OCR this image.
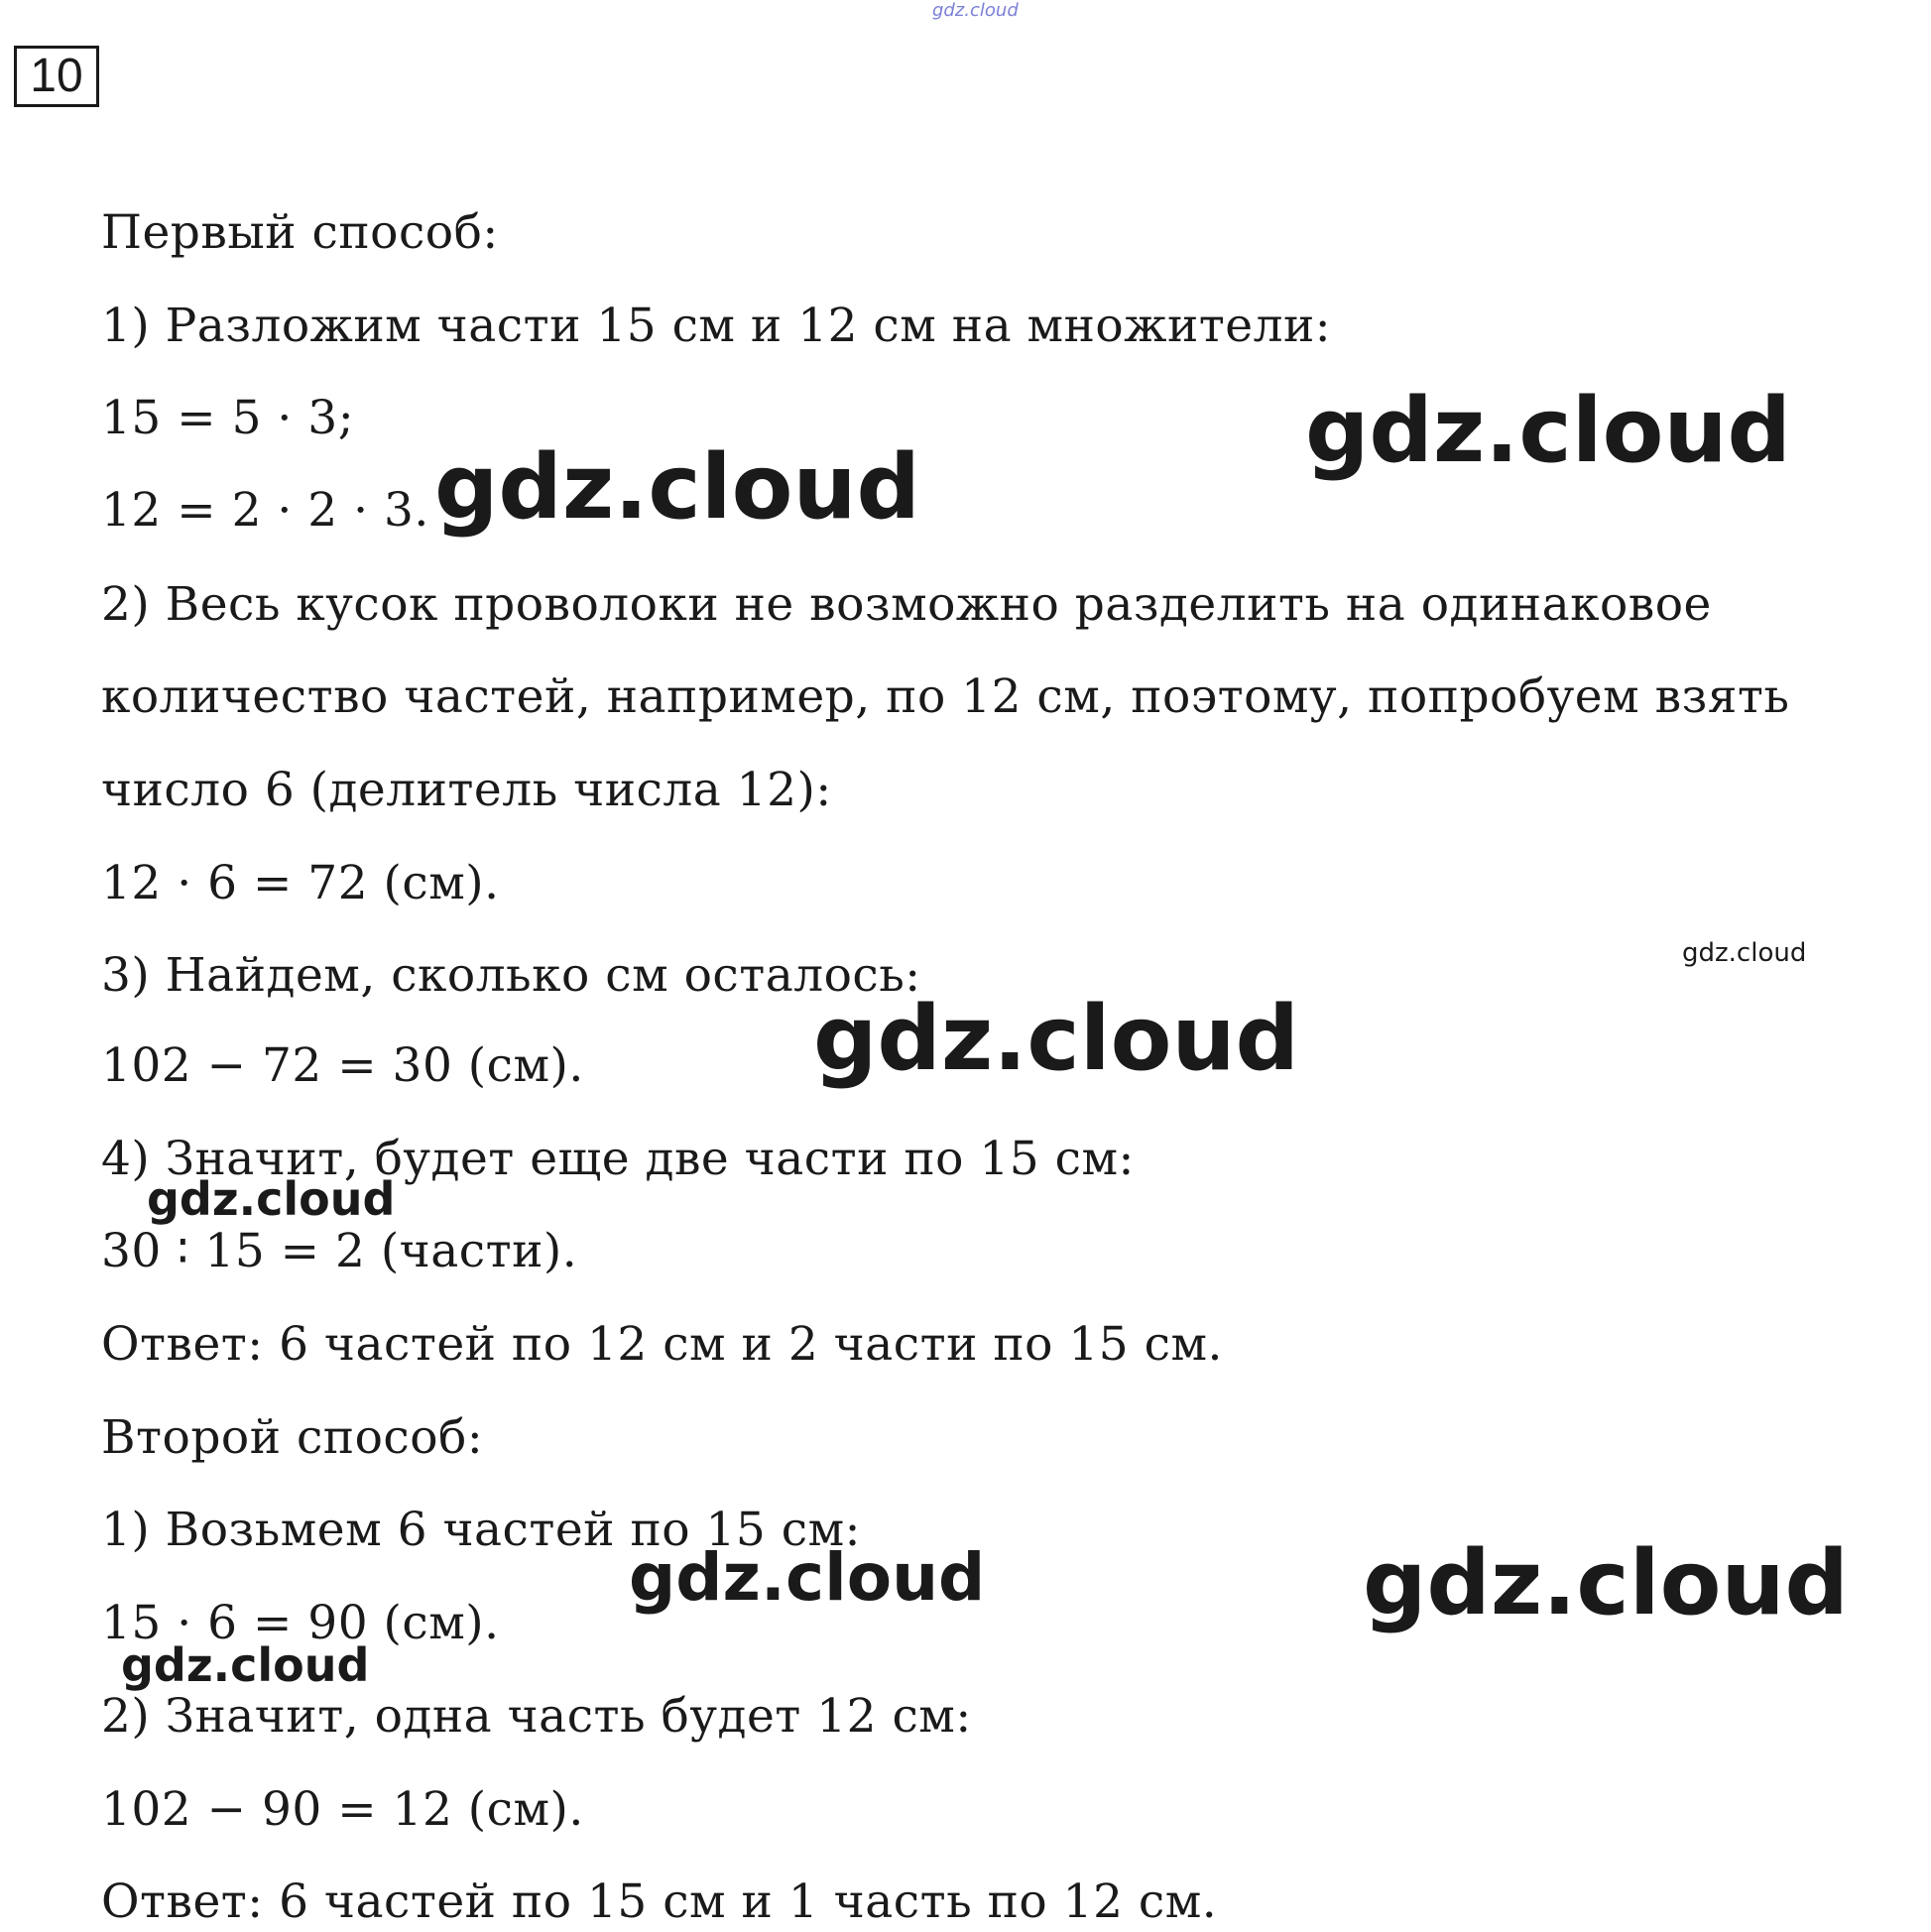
gdz.cloud
10
Первый способ:
1) Разложим части 15 см и 12 см на множители:
15 = 5 · 3;
12 = 2 · 2 · 3.
2) Весь кусок проволоки не возможно разделить на одинаковое
количество частей, например, по 12 см, поэтому, попробуем взять
число 6 (делитель числа 12):
12 · 6 = 72 (см).
3) Найдем, сколько см осталось:
102 − 72 = 30 (см).
4) Значит, будет еще две части по 15 см:
30 ∶ 15 = 2 (части).
Ответ: 6 частей по 12 см и 2 части по 15 см.
Второй способ:
1) Возьмем 6 частей по 15 см:
15 · 6 = 90 (см).
2) Значит, одна часть будет 12 см:
102 − 90 = 12 (см).
Ответ: 6 частей по 15 см и 1 часть по 12 см.
gdz.cloud
gdz.cloud
gdz.cloud
gdz.cloud
gdz.cloud
gdz.cloud	gdz.cloud
gdz.cloud
